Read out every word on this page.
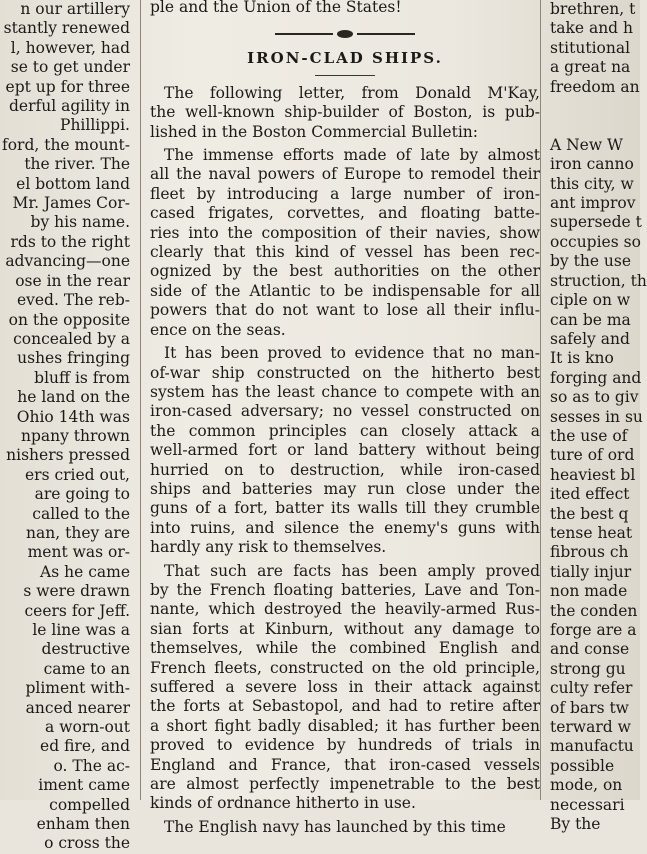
n our artillery
stantly renewed
l, however, had
se to get under
ept up for three
derful agility in
Phillippi.
ford, the mount-
the river. The
el bottom land
Mr. James Cor-
by his name.
rds to the right
advancing—one
ose in the rear
eved. The reb-
on the opposite
concealed by a
ushes fringing
bluff is from
he land on the
Ohio 14th was
npany thrown
nishers pressed
ers cried out,
are going to
called to the
nan, they are
ment was or-
As he came
s were drawn
ceers for Jeff.
le line was a
destructive
came to an
pliment with-
anced nearer
a worn-out
ed fire, and
o. The ac-
iment came
compelled
enham then
o cross the
ple and the Union of the States!
IRON-CLAD SHIPS.
The following letter, from Donald M'Kay,
the well-known ship-builder of Boston, is pub-
lished in the Boston Commercial Bulletin:
The immense efforts made of late by almost
all the naval powers of Europe to remodel their
fleet by introducing a large number of iron-
cased frigates, corvettes, and floating batte-
ries into the composition of their navies, show
clearly that this kind of vessel has been rec-
ognized by the best authorities on the other
side of the Atlantic to be indispensable for all
powers that do not want to lose all their influ-
ence on the seas.
It has been proved to evidence that no man-
of-war ship constructed on the hitherto best
system has the least chance to compete with an
iron-cased adversary; no vessel constructed on
the common principles can closely attack a
well-armed fort or land battery without being
hurried on to destruction, while iron-cased
ships and batteries may run close under the
guns of a fort, batter its walls till they crumble
into ruins, and silence the enemy's guns with
hardly any risk to themselves.
That such are facts has been amply proved
by the French floating batteries, Lave and Ton-
nante, which destroyed the heavily-armed Rus-
sian forts at Kinburn, without any damage to
themselves, while the combined English and
French fleets, constructed on the old principle,
suffered a severe loss in their attack against
the forts at Sebastopol, and had to retire after
a short fight badly disabled; it has further been
proved to evidence by hundreds of trials in
England and France, that iron-cased vessels
are almost perfectly impenetrable to the best
kinds of ordnance hitherto in use.
The English navy has launched by this time
brethren, t
take and h
stitutional
a great na
freedom an

A New W
iron canno
this city, w
ant improv
supersede t
occupies so
by the use
struction, th
ciple on w
can be ma
safely and
It is kno
forging and
so as to giv
sesses in su
the use of
ture of ord
heaviest bl
ited effect
the best q
tense heat
fibrous ch
tially injur
non made
the conden
forge are a
and conse
strong gu
culty refer
of bars tw
terward w
manufactu
possible
mode, on
necessari
By the
